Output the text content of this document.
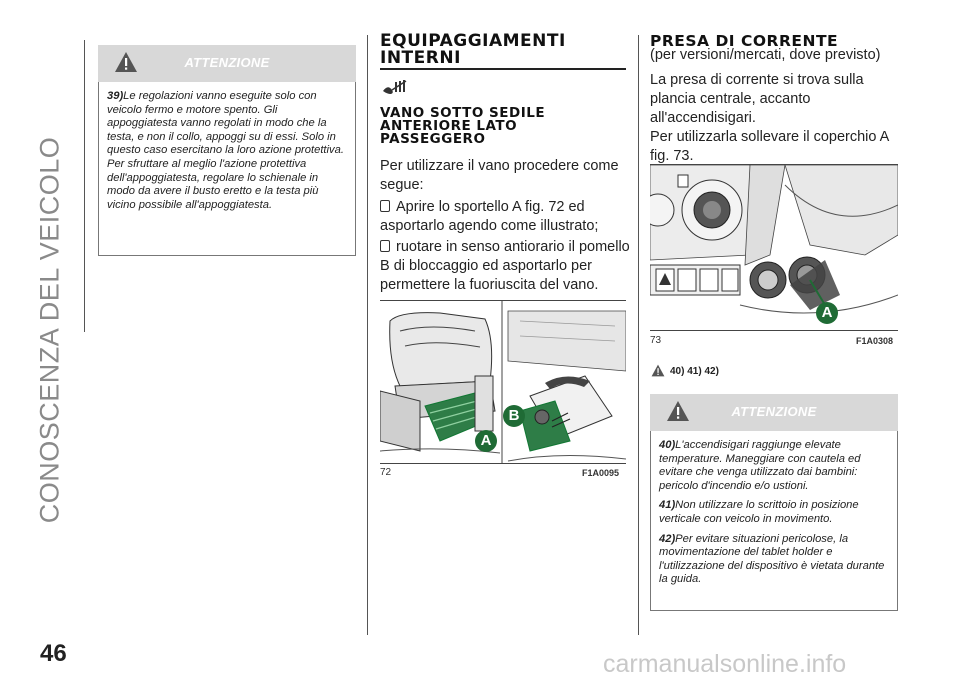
CONOSCENZA DEL VEICOLO
ATTENZIONE

39)Le regolazioni vanno eseguite solo con veicolo fermo e motore spento. Gli appoggiatesta vanno regolati in modo che la testa, e non il collo, appoggi su di essi. Solo in questo caso esercitano la loro azione protettiva. Per sfruttare al meglio l'azione protettiva dell'appoggiatesta, regolare lo schienale in modo da avere il busto eretto e la testa più vicino possibile all'appoggiatesta.

EQUIPAGGIAMENTI
INTERNI
VANO SOTTO SEDILE
ANTERIORE LATO
PASSEGGERO
Per utilizzare il vano procedere come segue:
Aprire lo sportello A fig. 72 ed asportarlo agendo come illustrato;
ruotare in senso antiorario il pomello B di bloccaggio ed asportarlo per permettere la fuoriuscita del vano.
A
B
72	F1A0095
PRESA DI CORRENTE
(per versioni/mercati, dove previsto)
La presa di corrente si trova sulla plancia centrale, accanto all'accendisigari.
Per utilizzarla sollevare il coperchio A fig. 73.
A
73	F1A0308
40) 41) 42)
ATTENZIONE

40)L'accendisigari raggiunge elevate temperature. Maneggiare con cautela ed evitare che venga utilizzato dai bambini: pericolo d'incendio e/o ustioni.

41)Non utilizzare lo scrittoio in posizione verticale con veicolo in movimento.

42)Per evitare situazioni pericolose, la movimentazione del tablet holder e l'utilizzazione del dispositivo è vietata durante la guida.

46	carmanualsonline.info
